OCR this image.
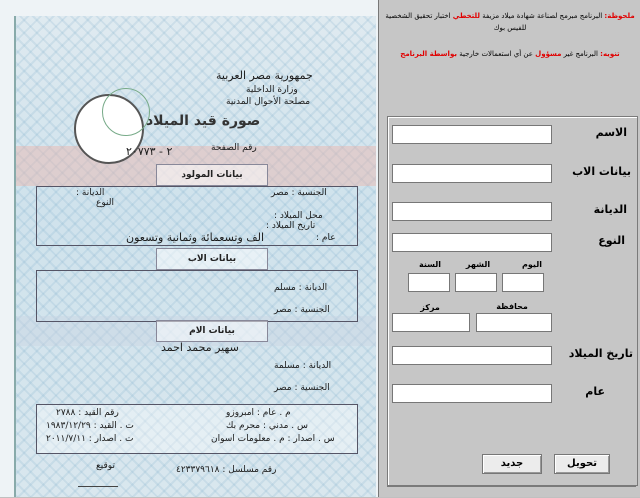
جمهورية مصر العربية
وزارة الداخلية
مصلحة الأحوال المدنية
صورة قيد الميلاد
رقم الصفحة
٢ - ٢٠٧٧٣
بيانات المولود
الجنسية : مصر
الديانة :
النوع
محل الميلاد :
تاريخ الميلاد :
عام :
الف وتسعمائة وثمانية وتسعون
بيانات الاب
الديانة : مسلم
الجنسية : مصر
بيانات الام
سهير محمد احمد
الديانة : مسلمة
الجنسية : مصر
م . عام : امبروزو
س . مدني : محرم بك
س . اصدار : م . معلومات اسوان
رقم القيد : ٢٧٨٨
ت . القيد : ١٩٨٣/١٢/٢٩
ت . اصدار : ٢٠١١/٧/١١
رقم مسلسل : ٤٢٣٣٧٩٦١٨
توقيع
ملحوظة: البرنامج مبرمج لصناعة شهادة ميلاد مزيفة للتخطي اختبار تحقيق الشخصية للفيس بوك
تنويه: البرنامج غير مسؤول عن أي استعمالات خارجية بواسطة البرنامج
الاسم
بيانات الاب
الديانة
النوع
اليوم
الشهر
السنة
محافظة
مركز
تاريخ الميلاد
عام
تحويل
جديد
